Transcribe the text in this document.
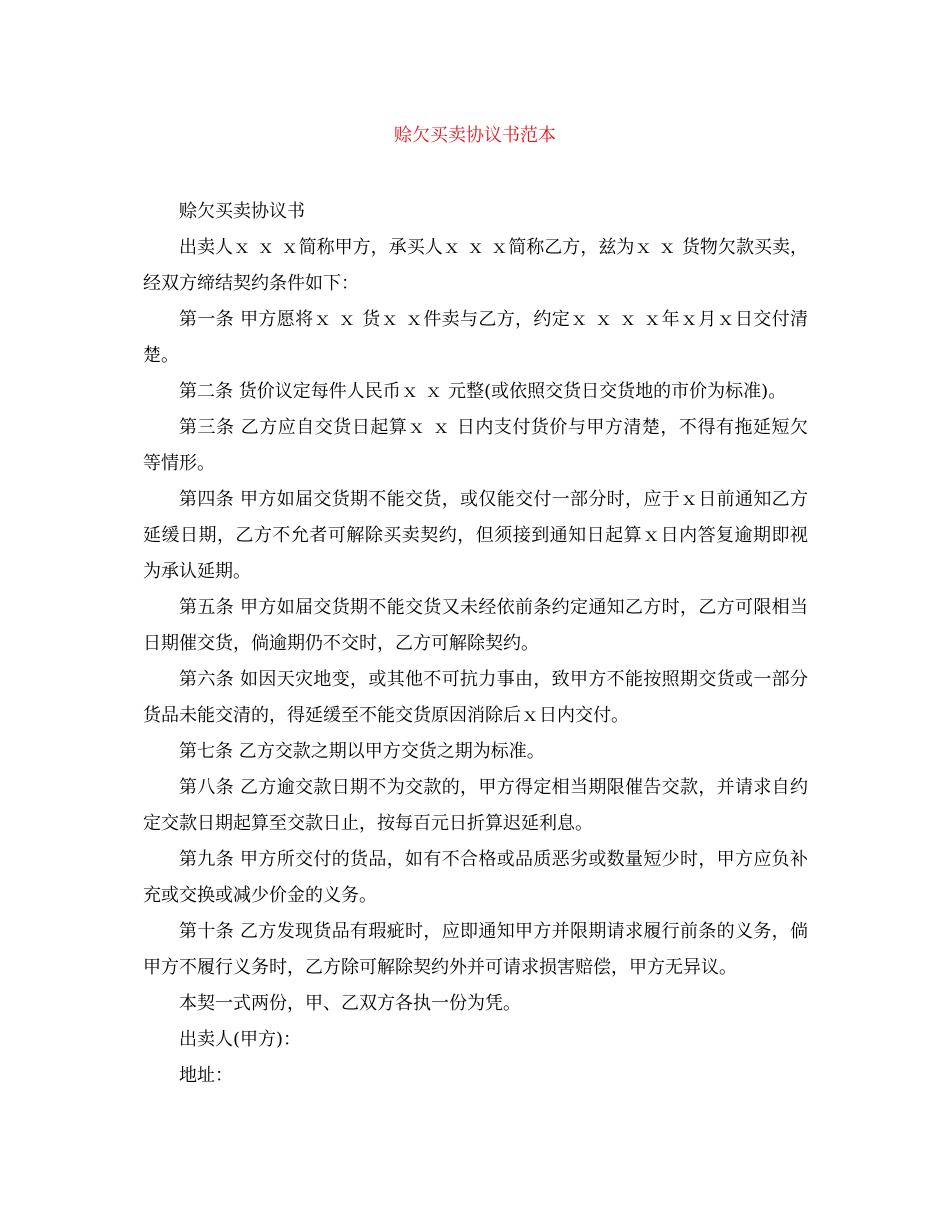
赊欠买卖协议书范本

赊欠买卖协议书

出卖人ｘ ｘ ｘ简称甲方，承买人ｘ ｘ ｘ简称乙方，兹为ｘ ｘ 货物欠款买卖，经双方缔结契约条件如下：

第一条 甲方愿将ｘ ｘ 货ｘ ｘ件卖与乙方，约定ｘ ｘ ｘ ｘ年ｘ月ｘ日交付清楚。

第二条 货价议定每件人民币ｘ ｘ 元整(或依照交货日交货地的市价为标准)。

第三条 乙方应自交货日起算ｘ ｘ 日内支付货价与甲方清楚，不得有拖延短欠等情形。

第四条 甲方如届交货期不能交货，或仅能交付一部分时，应于ｘ日前通知乙方延缓日期，乙方不允者可解除买卖契约，但须接到通知日起算ｘ日内答复逾期即视为承认延期。

第五条 甲方如届交货期不能交货又未经依前条约定通知乙方时，乙方可限相当日期催交货，倘逾期仍不交时，乙方可解除契约。

第六条 如因天灾地变，或其他不可抗力事由，致甲方不能按照期交货或一部分货品未能交清的，得延缓至不能交货原因消除后ｘ日内交付。

第七条 乙方交款之期以甲方交货之期为标准。

第八条 乙方逾交款日期不为交款的，甲方得定相当期限催告交款，并请求自约定交款日期起算至交款日止，按每百元日折算迟延利息。

第九条 甲方所交付的货品，如有不合格或品质恶劣或数量短少时，甲方应负补充或交换或减少价金的义务。

第十条 乙方发现货品有瑕疵时，应即通知甲方并限期请求履行前条的义务，倘甲方不履行义务时，乙方除可解除契约外并可请求损害赔偿，甲方无异议。

本契一式两份，甲、乙双方各执一份为凭。

出卖人(甲方)：

地址：
